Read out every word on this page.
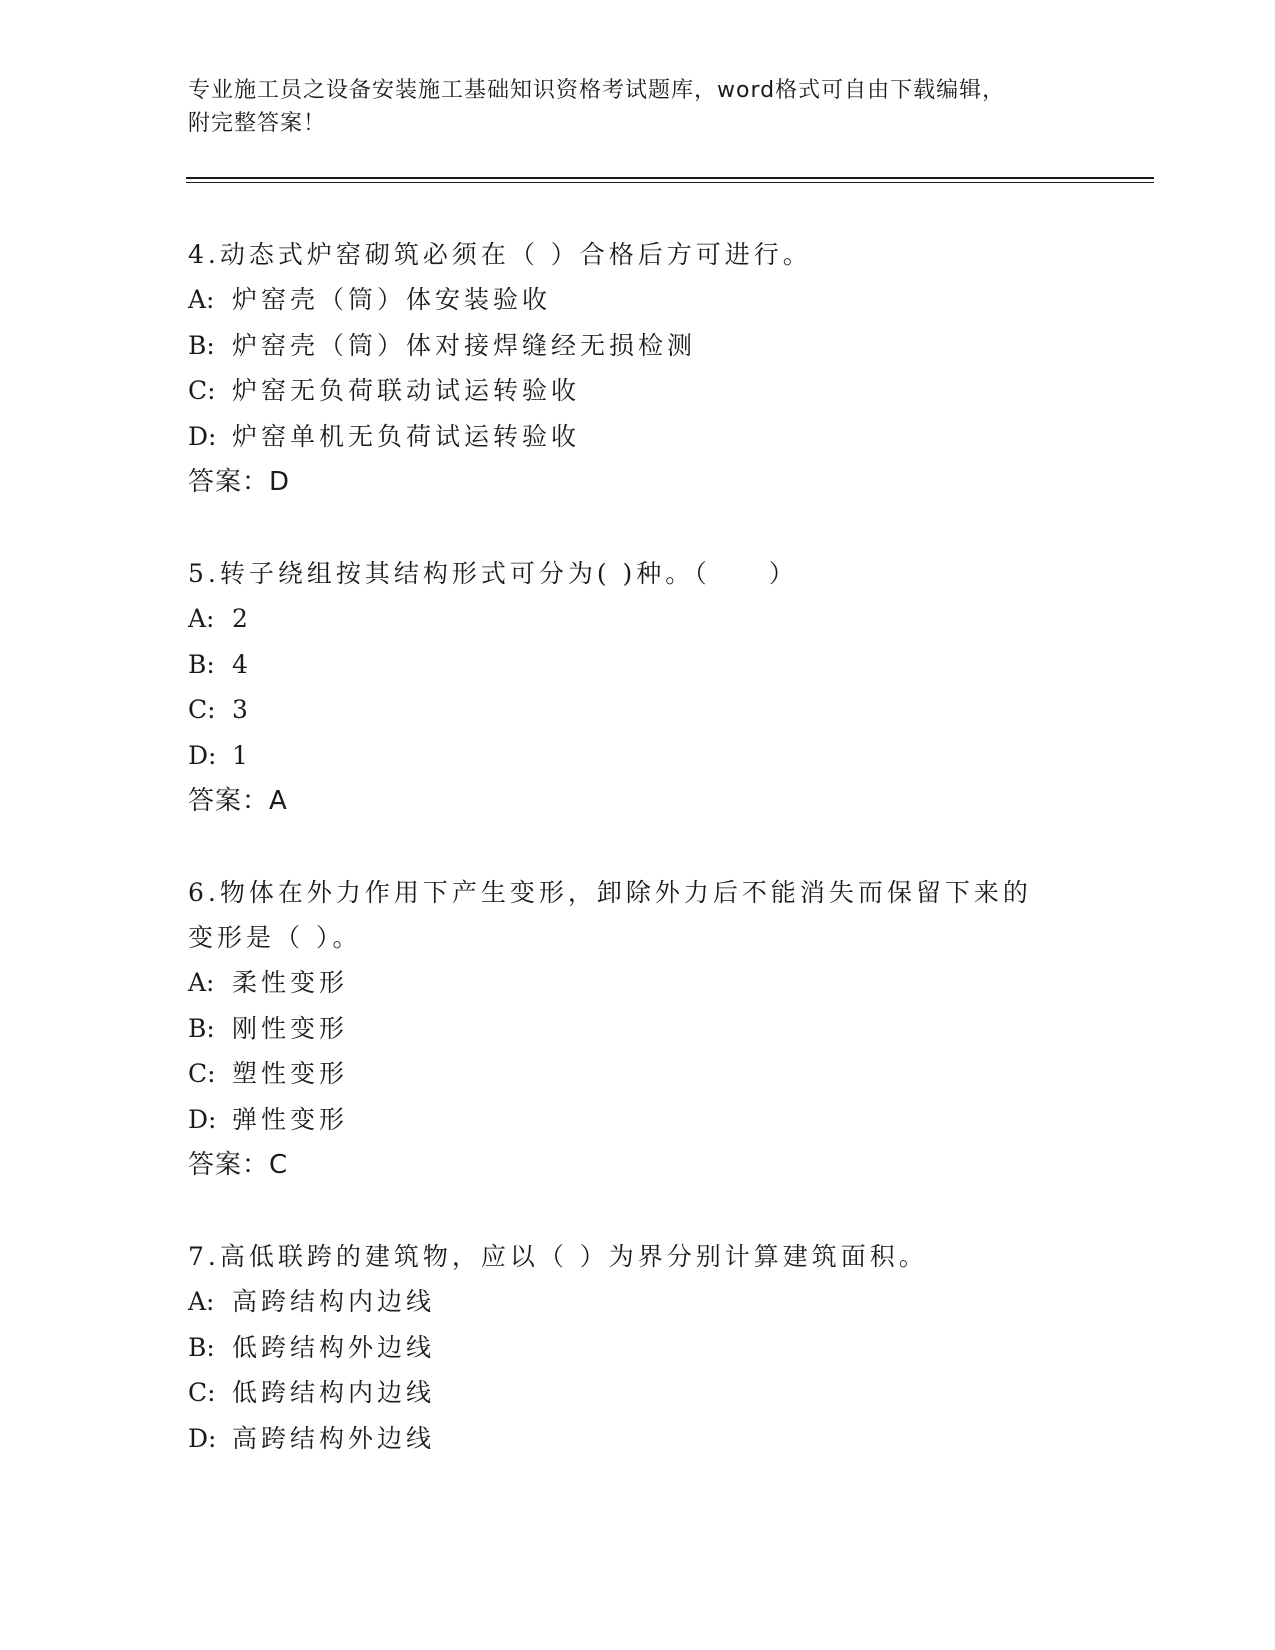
专业施工员之设备安装施工基础知识资格考试题库，word格式可自由下载编辑，
附完整答案！

4.动态式炉窑砌筑必须在（ ）合格后方可进行。

A: 炉窑壳（筒）体安装验收
B: 炉窑壳（筒）体对接焊缝经无损检测
C: 炉窑无负荷联动试运转验收
D: 炉窑单机无负荷试运转验收
答案：D

5.转子绕组按其结构形式可分为( )种。（　　）

A: 2
B: 4
C: 3
D: 1
答案：A

6.物体在外力作用下产生变形，卸除外力后不能消失而保留下来的变形是（ ）。

A: 柔性变形
B: 刚性变形
C: 塑性变形
D: 弹性变形
答案：C

7.高低联跨的建筑物，应以（ ）为界分别计算建筑面积。

A: 高跨结构内边线
B: 低跨结构外边线
C: 低跨结构内边线
D: 高跨结构外边线
